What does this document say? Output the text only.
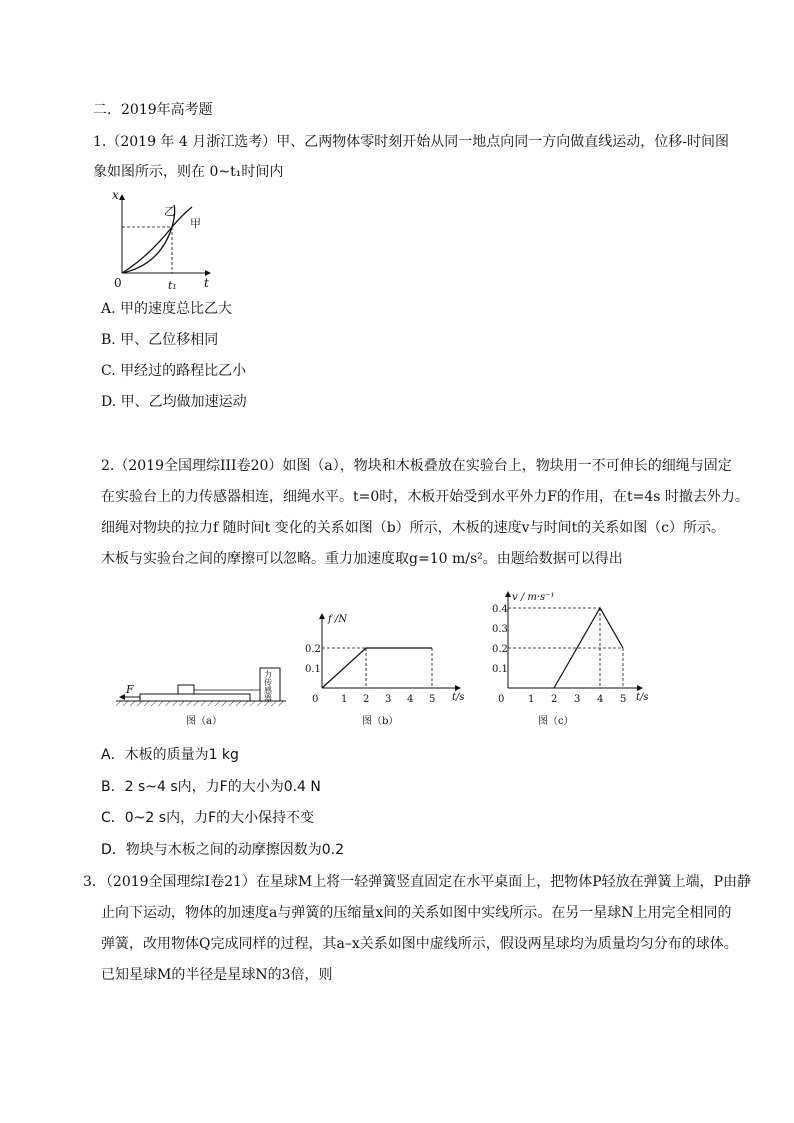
二．2019年高考题
1.（2019 年 4 月浙江选考）甲、乙两物体零时刻开始从同一地点向同一方向做直线运动，位移-时间图
象如图所示，则在 0~t₁时间内
x
t
0	t₁
乙
甲
A. 甲的速度总比乙大
B. 甲、乙位移相同
C. 甲经过的路程比乙小
D. 甲、乙均做加速运动
2.（2019全国理综III卷20）如图（a），物块和木板叠放在实验台上，物块用一不可伸长的细绳与固定
在实验台上的力传感器相连，细绳水平。t=0时，木板开始受到水平外力F的作用，在t=4s 时撤去外力。
细绳对物块的拉力f 随时间t 变化的关系如图（b）所示，木板的速度v与时间t的关系如图（c）所示。
木板与实验台之间的摩擦可以忽略。重力加速度取g=10 m/s²。由题给数据可以得出
力
传
感
器
F
图（a）
0 1 2 3 4 5
0.2
0.1
f /N
t/s
图（b）
0 1 2 3 4 5
0.4
0.3
0.2
0.1
v / m·s⁻¹
t/s
图（c）
A．木板的质量为1 kg
B．2 s~4 s内，力F的大小为0.4 N
C．0~2 s内，力F的大小保持不变
D．物块与木板之间的动摩擦因数为0.2
3．（2019全国理综I卷21）在星球M上将一轻弹簧竖直固定在水平桌面上，把物体P轻放在弹簧上端，P由静
止向下运动，物体的加速度a与弹簧的压缩量x间的关系如图中实线所示。在另一星球N上用完全相同的
弹簧，改用物体Q完成同样的过程，其a–x关系如图中虚线所示，假设两星球均为质量均匀分布的球体。
已知星球M的半径是星球N的3倍，则
